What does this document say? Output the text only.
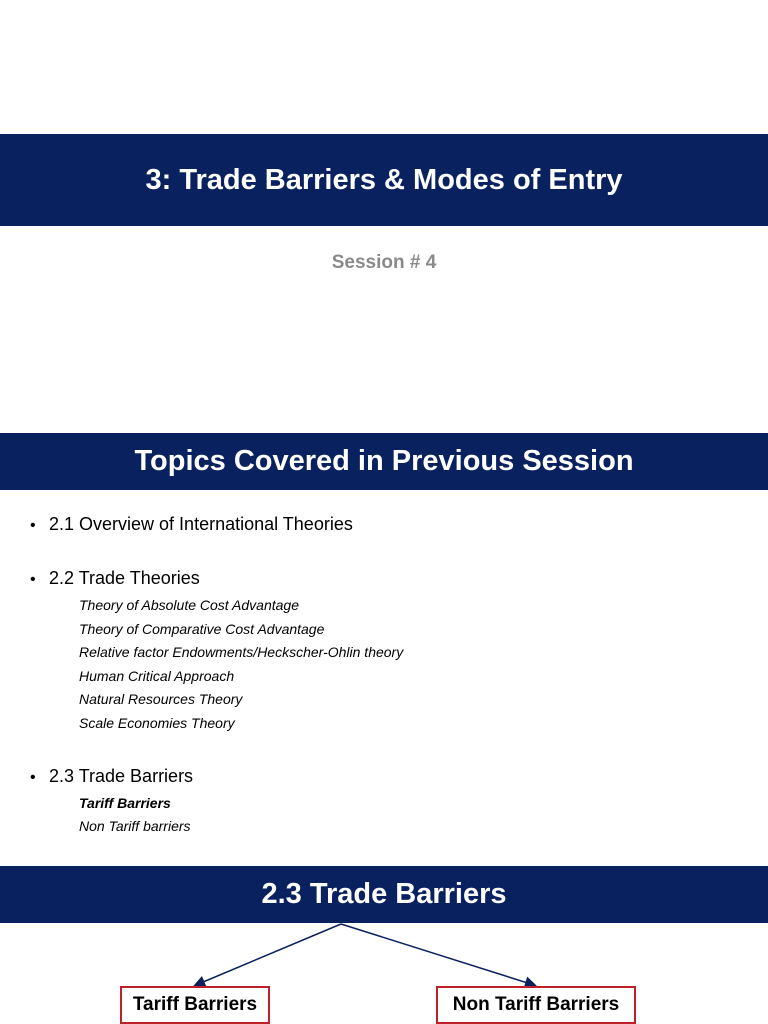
3: Trade Barriers & Modes of Entry
Session # 4
Topics Covered in Previous Session
• 2.1 Overview of International Theories
• 2.2 Trade Theories
Theory of Absolute Cost Advantage
Theory of Comparative Cost Advantage
Relative factor Endowments/Heckscher-Ohlin theory
Human Critical Approach
Natural Resources Theory
Scale Economies Theory
• 2.3 Trade Barriers
Tariff Barriers
Non Tariff barriers
2.3 Trade Barriers
Tariff Barriers	Non Tariff Barriers
